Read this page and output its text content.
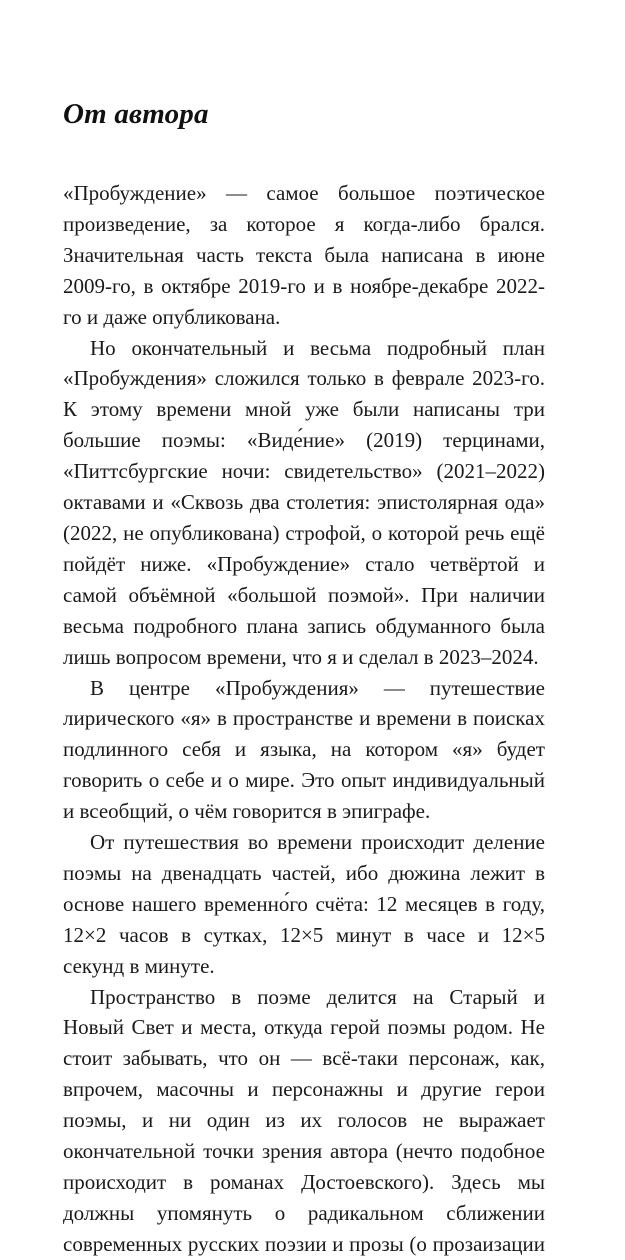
От автора

«Пробуждение» — самое большое поэтическое произведение, за которое я когда-либо брался. Значительная часть текста была написана в июне 2009-го, в октябре 2019-го и в ноябре-декабре 2022-го и даже опубликована.

Но окончательный и весьма подробный план «Пробуждения» сложился только в феврале 2023-го. К этому времени мной уже были написаны три большие поэмы: «Виде́ние» (2019) терцинами, «Питтсбургские ночи: свидетельство» (2021–2022) октавами и «Сквозь два столетия: эпистолярная ода» (2022, не опубликована) строфой, о которой речь ещё пойдёт ниже. «Пробуждение» стало четвёртой и самой объёмной «большой поэмой». При наличии весьма подробного плана запись обдуманного была лишь вопросом времени, что я и сделал в 2023–2024.

В центре «Пробуждения» — путешествие лирического «я» в пространстве и времени в поисках подлинного себя и языка, на котором «я» будет говорить о себе и о мире. Это опыт индивидуальный и всеобщий, о чём говорится в эпиграфе.

От путешествия во времени происходит деление поэмы на двенадцать частей, ибо дюжина лежит в основе нашего временно́го счёта: 12 месяцев в году, 12×2 часов в сутках, 12×5 минут в часе и 12×5 секунд в минуте.

Пространство в поэме делится на Старый и Новый Свет и места, откуда герой поэмы родом. Не стоит забывать, что он — всё-таки персонаж, как, впрочем, масочны и персонажны и другие герои поэмы, и ни один из их голосов не выражает окончательной точки зрения автора (нечто подобное происходит в романах Достоевского). Здесь мы должны упомянуть о радикальном сближении современных русских поэзии и прозы (о прозаизации
